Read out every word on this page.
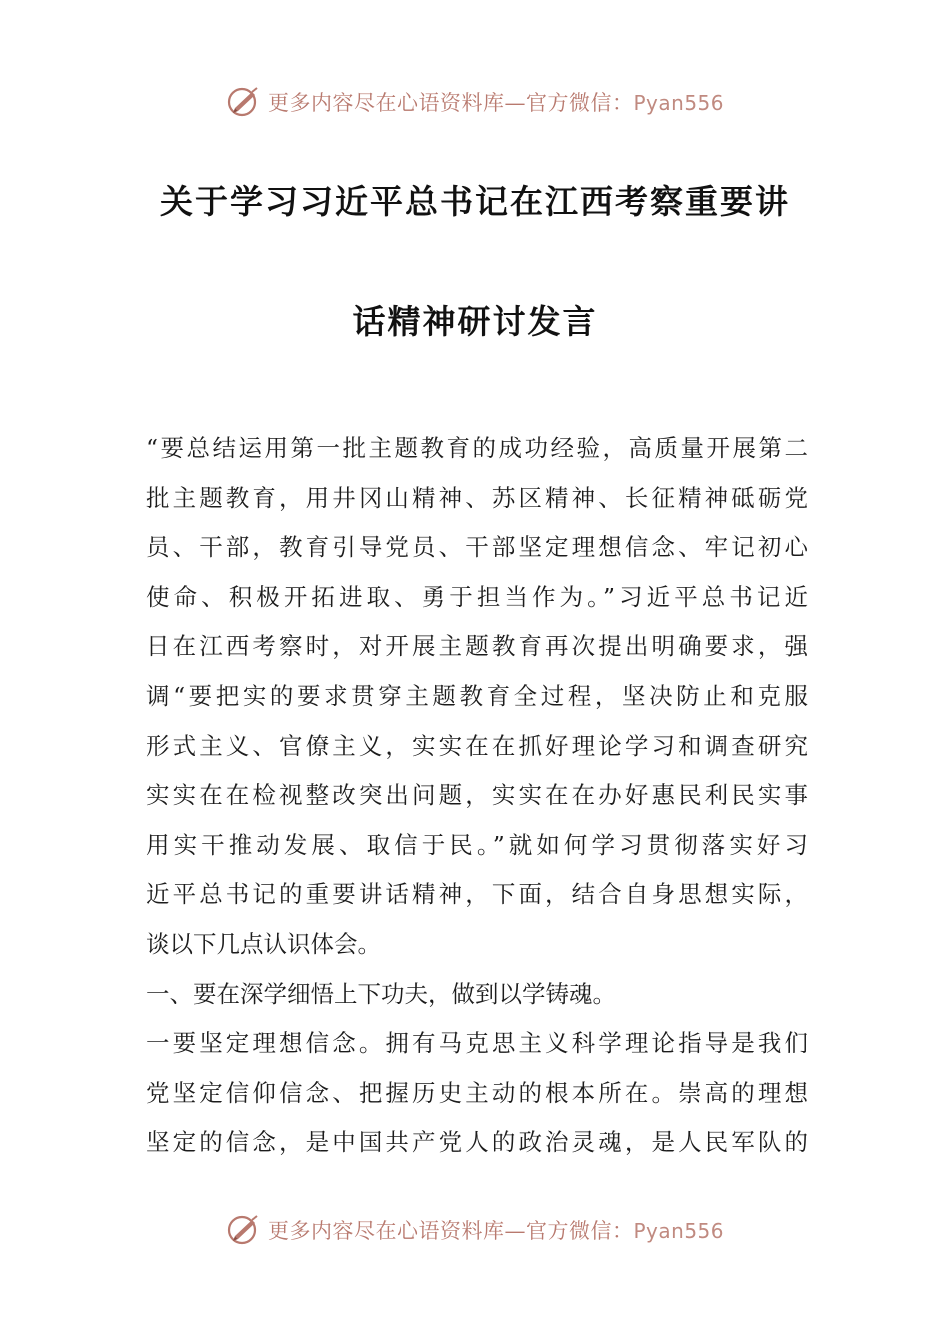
更多内容尽在心语资料库—官方微信：Pyan556
关于学习习近平总书记在江西考察重要讲
话精神研讨发言
“要总结运用第一批主题教育的成功经验，高质量开展第二
批主题教育，用井冈山精神、苏区精神、长征精神砥砺党
员、干部，教育引导党员、干部坚定理想信念、牢记初心
使命、积极开拓进取、勇于担当作为。”习近平总书记近
日在江西考察时，对开展主题教育再次提出明确要求，强
调“要把实的要求贯穿主题教育全过程，坚决防止和克服
形式主义、官僚主义，实实在在抓好理论学习和调查研究
实实在在检视整改突出问题，实实在在办好惠民利民实事
用实干推动发展、取信于民。”就如何学习贯彻落实好习
近平总书记的重要讲话精神，下面，结合自身思想实际，
谈以下几点认识体会。
一、要在深学细悟上下功夫，做到以学铸魂。
一要坚定理想信念。拥有马克思主义科学理论指导是我们
党坚定信仰信念、把握历史主动的根本所在。崇高的理想
坚定的信念，是中国共产党人的政治灵魂，是人民军队的
更多内容尽在心语资料库—官方微信：Pyan556
